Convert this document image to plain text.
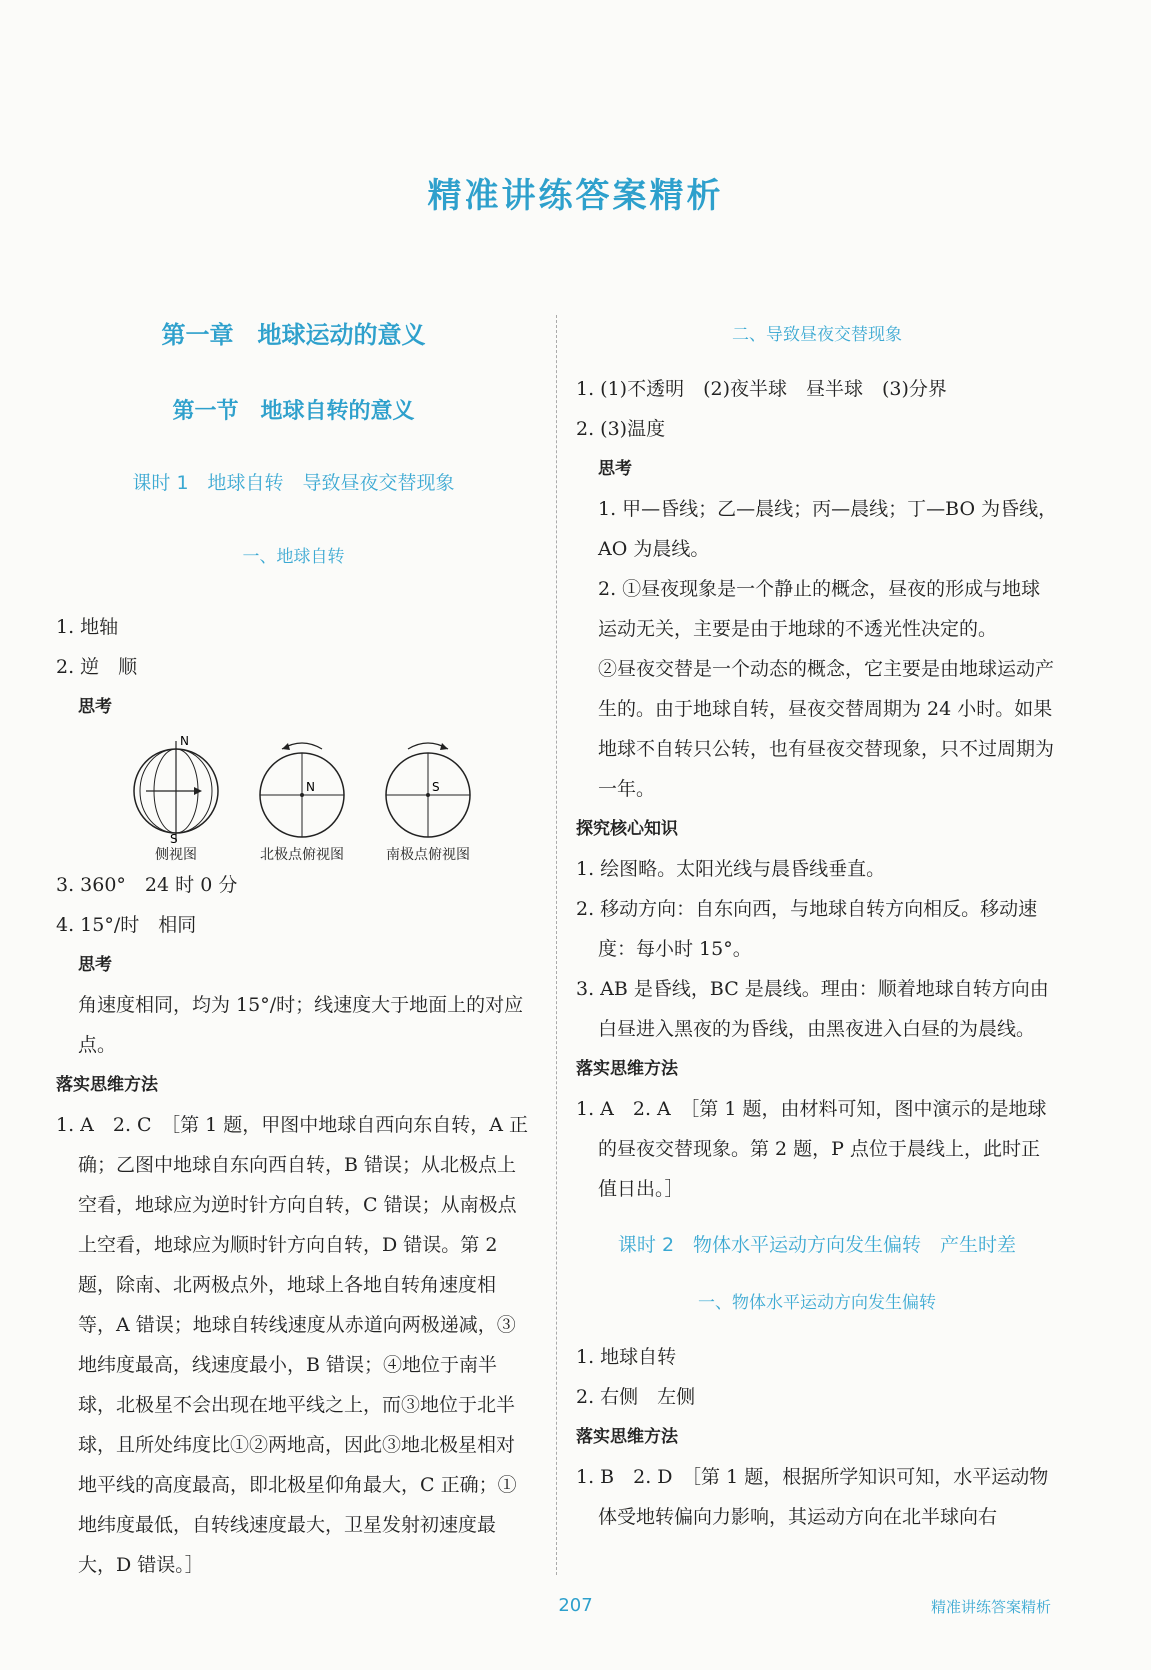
精准讲练答案精析
第一章　地球运动的意义
第一节　地球自转的意义
课时 1　地球自转　导致昼夜交替现象
一、地球自转

1. 地轴

2. 逆　顺

思考

N
S
侧视图
N
北极点俯视图
S
南极点俯视图

3. 360°　24 时 0 分

4. 15°/时　相同

思考

角速度相同，均为 15°/时；线速度大于地面上的对应点。

落实思维方法

1. A　2. C　［第 1 题，甲图中地球自西向东自转，A 正确；乙图中地球自东向西自转，B 错误；从北极点上空看，地球应为逆时针方向自转，C 错误；从南极点上空看，地球应为顺时针方向自转，D 错误。第 2 题，除南、北两极点外，地球上各地自转角速度相等，A 错误；地球自转线速度从赤道向两极递减，③地纬度最高，线速度最小，B 错误；④地位于南半球，北极星不会出现在地平线之上，而③地位于北半球，且所处纬度比①②两地高，因此③地北极星相对地平线的高度最高，即北极星仰角最大，C 正确；①地纬度最低，自转线速度最大，卫星发射初速度最大，D 错误。］

二、导致昼夜交替现象

1. (1)不透明　(2)夜半球　昼半球　(3)分界

2. (3)温度

思考

1. 甲—昏线；乙—晨线；丙—晨线；丁—BO 为昏线，AO 为晨线。

2. ①昼夜现象是一个静止的概念，昼夜的形成与地球运动无关，主要是由于地球的不透光性决定的。

②昼夜交替是一个动态的概念，它主要是由地球运动产生的。由于地球自转，昼夜交替周期为 24 小时。如果地球不自转只公转，也有昼夜交替现象，只不过周期为一年。

探究核心知识

1. 绘图略。太阳光线与晨昏线垂直。

2. 移动方向：自东向西，与地球自转方向相反。移动速度：每小时 15°。

3. AB 是昏线，BC 是晨线。理由：顺着地球自转方向由白昼进入黑夜的为昏线，由黑夜进入白昼的为晨线。

落实思维方法

1. A　2. A　［第 1 题，由材料可知，图中演示的是地球的昼夜交替现象。第 2 题，P 点位于晨线上，此时正值日出。］

课时 2　物体水平运动方向发生偏转　产生时差
一、物体水平运动方向发生偏转

1. 地球自转

2. 右侧　左侧

落实思维方法

1. B　2. D　［第 1 题，根据所学知识可知，水平运动物体受地转偏向力影响，其运动方向在北半球向右

207	精准讲练答案精析
